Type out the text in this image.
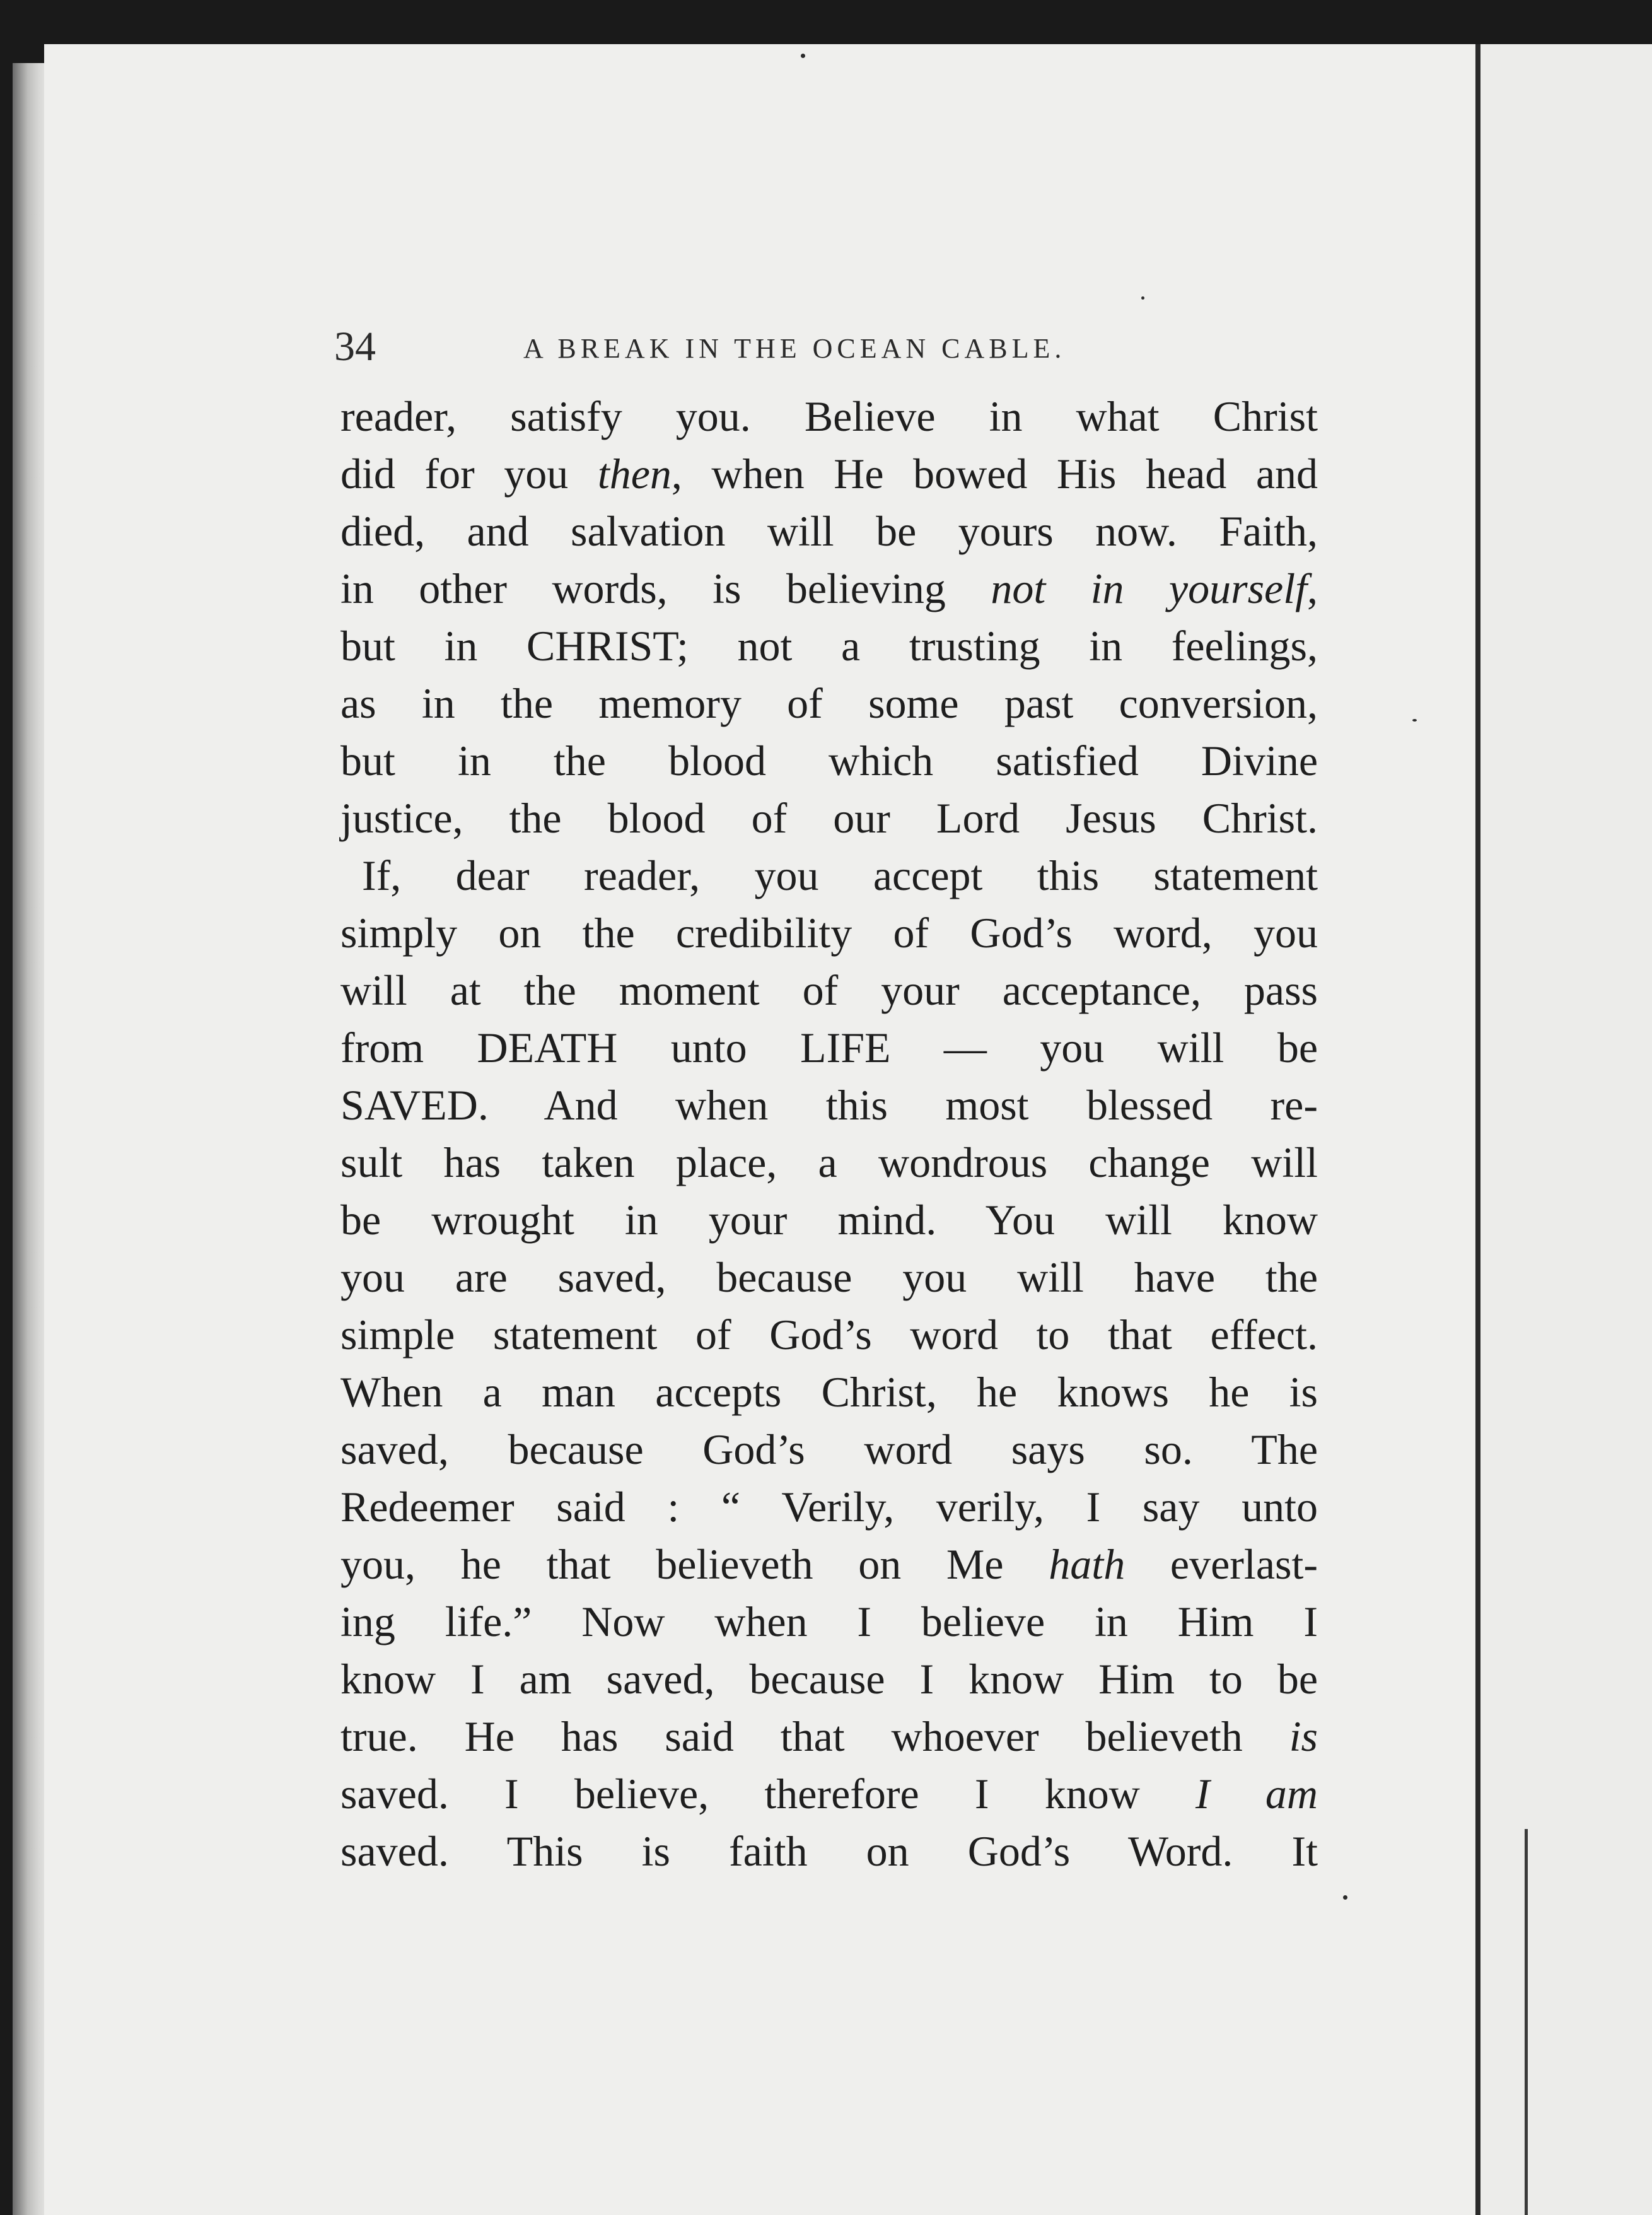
34	A BREAK IN THE OCEAN CABLE.
reader, satisfy you. Believe in what Christ
did for you then, when He bowed His head and
died, and salvation will be yours now. Faith,
in other words, is believing not in yourself,
but in CHRIST; not a trusting in feelings,
as in the memory of some past conversion,
but in the blood which satisfied Divine
justice, the blood of our Lord Jesus Christ.
If, dear reader, you accept this statement
simply on the credibility of God’s word, you
will at the moment of your acceptance, pass
from DEATH unto LIFE — you will be
SAVED. And when this most blessed re-
sult has taken place, a wondrous change will
be wrought in your mind. You will know
you are saved, because you will have the
simple statement of God’s word to that effect.
When a man accepts Christ, he knows he is
saved, because God’s word says so. The
Redeemer said : “ Verily, verily, I say unto
you, he that believeth on Me hath everlast-
ing life.” Now when I believe in Him I
know I am saved, because I know Him to be
true. He has said that whoever believeth is
saved. I believe, therefore I know I am
saved. This is faith on God’s Word. It
